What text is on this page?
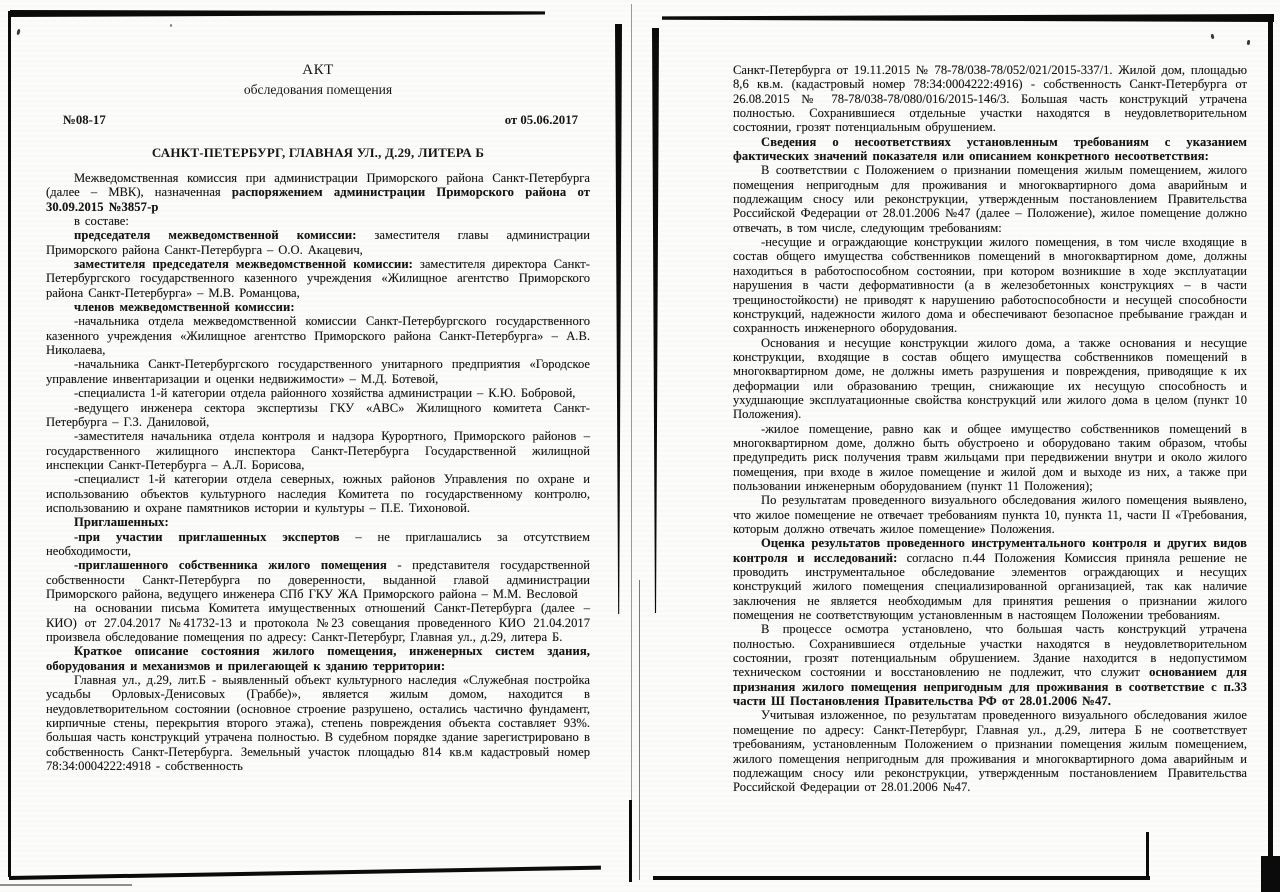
АКТ
обследования помещения
№08-17	от 05.06.2017
САНКТ-ПЕТЕРБУРГ, ГЛАВНАЯ УЛ., Д.29, ЛИТЕРА Б

Межведомственная комиссия при администрации Приморского района Санкт-Петербурга (далее – МВК), назначенная распоряжением администрации Приморского района от 30.09.2015 №3857-р

в составе:

председателя межведомственной комиссии: заместителя главы администрации Приморского района Санкт-Петербурга – О.О. Акацевич,

заместителя председателя межведомственной комиссии: заместителя директора Санкт-Петербургского государственного казенного учреждения «Жилищное агентство Приморского района Санкт-Петербурга» – М.В. Романцова,

членов межведомственной комиссии:

-начальника отдела межведомственной комиссии Санкт-Петербургского государственного казенного учреждения «Жилищное агентство Приморского района Санкт-Петербурга» – А.В. Николаева,

-начальника Санкт-Петербургского государственного унитарного предприятия «Городское управление инвентаризации и оценки недвижимости» – М.Д. Ботевой,

-специалиста 1-й категории отдела районного хозяйства администрации – К.Ю. Бобровой,

-ведущего инженера сектора экспертизы ГКУ «АВС» Жилищного комитета Санкт-Петербурга – Г.З. Даниловой,

-заместителя начальника отдела контроля и надзора Курортного, Приморского районов – государственного жилищного инспектора Санкт-Петербурга Государственной жилищной инспекции Санкт-Петербурга – А.Л. Борисова,

-специалист 1-й категории отдела северных, южных районов Управления по охране и использованию объектов культурного наследия Комитета по государственному контролю, использованию и охране памятников истории и культуры – П.Е. Тихоновой.

Приглашенных:

-при участии приглашенных экспертов – не приглашались за отсутствием необходимости,

-приглашенного собственника жилого помещения - представителя государственной собственности Санкт-Петербурга по доверенности, выданной главой администрации Приморского района, ведущего инженера СПб ГКУ ЖА Приморского района – М.М. Весловой

на основании письма Комитета имущественных отношений Санкт-Петербурга (далее – КИО) от 27.04.2017 №41732-13 и протокола №23 совещания проведенного КИО 21.04.2017 произвела обследование помещения по адресу: Санкт-Петербург, Главная ул., д.29, литера Б.

Краткое описание состояния жилого помещения, инженерных систем здания, оборудования и механизмов и прилегающей к зданию территории:

Главная ул., д.29, лит.Б - выявленный объект культурного наследия «Служебная постройка усадьбы Орловых-Денисовых (Граббе)», является жилым домом, находится в неудовлетворительном состоянии (основное строение разрушено, остались частично фундамент, кирпичные стены, перекрытия второго этажа), степень повреждения объекта составляет 93%. большая часть конструкций утрачена полностью. В судебном порядке здание зарегистрировано в собственность Санкт-Петербурга. Земельный участок площадью 814 кв.м кадастровый номер 78:34:0004222:4918 - собственность

Санкт-Петербурга от 19.11.2015 № 78-78/038-78/052/021/2015-337/1. Жилой дом, площадью 8,6 кв.м. (кадастровый номер 78:34:0004222:4916) - собственность Санкт-Петербурга от 26.08.2015 № 78-78/038-78/080/016/2015-146/3. Большая часть конструкций утрачена полностью. Сохранившиеся отдельные участки находятся в неудовлетворительном состоянии, грозят потенциальным обрушением.

Сведения о несоответствиях установленным требованиям с указанием фактических значений показателя или описанием конкретного несоответствия:

В соответствии с Положением о признании помещения жилым помещением, жилого помещения непригодным для проживания и многоквартирного дома аварийным и подлежащим сносу или реконструкции, утвержденным постановлением Правительства Российской Федерации от 28.01.2006 №47 (далее – Положение), жилое помещение должно отвечать, в том числе, следующим требованиям:

-несущие и ограждающие конструкции жилого помещения, в том числе входящие в состав общего имущества собственников помещений в многоквартирном доме, должны находиться в работоспособном состоянии, при котором возникшие в ходе эксплуатации нарушения в части деформативности (а в железобетонных конструкциях – в части трещиностойкости) не приводят к нарушению работоспособности и несущей способности конструкций, надежности жилого дома и обеспечивают безопасное пребывание граждан и сохранность инженерного оборудования.

Основания и несущие конструкции жилого дома, а также основания и несущие конструкции, входящие в состав общего имущества собственников помещений в многоквартирном доме, не должны иметь разрушения и повреждения, приводящие к их деформации или образованию трещин, снижающие их несущую способность и ухудшающие эксплуатационные свойства конструкций или жилого дома в целом (пункт 10 Положения).

-жилое помещение, равно как и общее имущество собственников помещений в многоквартирном доме, должно быть обустроено и оборудовано таким образом, чтобы предупредить риск получения травм жильцами при передвижении внутри и около жилого помещения, при входе в жилое помещение и жилой дом и выходе из них, а также при пользовании инженерным оборудованием (пункт 11 Положения);

По результатам проведенного визуального обследования жилого помещения выявлено, что жилое помещение не отвечает требованиям пункта 10, пункта 11, части II «Требования, которым должно отвечать жилое помещение» Положения.

Оценка результатов проведенного инструментального контроля и других видов контроля и исследований: согласно п.44 Положения Комиссия приняла решение не проводить инструментальное обследование элементов ограждающих и несущих конструкций жилого помещения специализированной организацией, так как наличие заключения не является необходимым для принятия решения о признании жилого помещения не соответствующим установленным в настоящем Положении требованиям.

В процессе осмотра установлено, что большая часть конструкций утрачена полностью. Сохранившиеся отдельные участки находятся в неудовлетворительном состоянии, грозят потенциальным обрушением. Здание находится в недопустимом техническом состоянии и восстановлению не подлежит, что служит основанием для признания жилого помещения непригодным для проживания в соответствие с п.33 части Ш Постановления Правительства РФ от 28.01.2006 №47.

Учитывая изложенное, по результатам проведенного визуального обследования жилое помещение по адресу: Санкт-Петербург, Главная ул., д.29, литера Б не соответствует требованиям, установленным Положением о признании помещения жилым помещением, жилого помещения непригодным для проживания и многоквартирного дома аварийным и подлежащим сносу или реконструкции, утвержденным постановлением Правительства Российской Федерации от 28.01.2006 №47.
